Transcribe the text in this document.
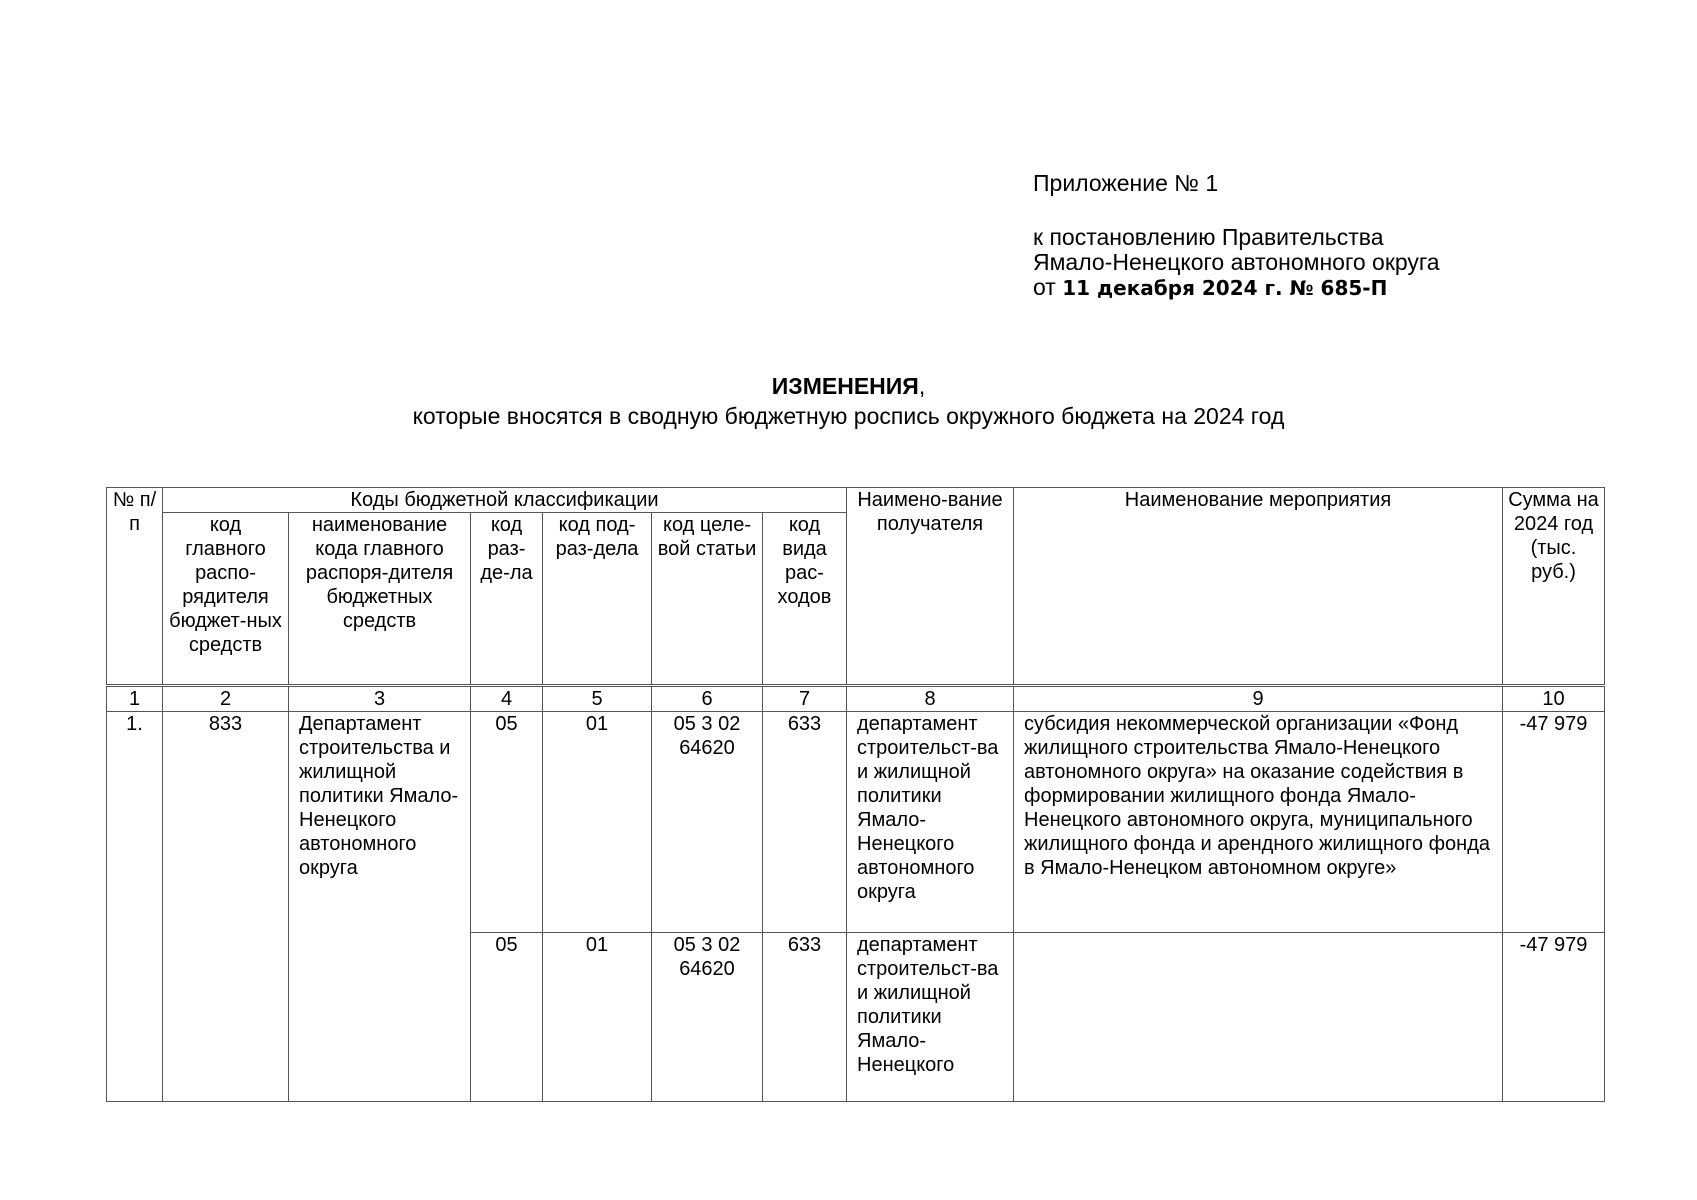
Приложение № 1
к постановлению Правительства
Ямало-Ненецкого автономного округа
от 11 декабря 2024 г. № 685-П
ИЗМЕНЕНИЯ,
которые вносятся в сводную бюджетную роспись окружного бюджета на 2024 год
№ п/п	Коды бюджетной классификации						Наимено-вание получателя	Наименование мероприятия	Сумма на 2024 год (тыс. руб.)
	код главного распо-рядителя бюджет-ных средств	наименование кода главного распоря-дителя бюджетных средств	код раз-де-ла	код под-раз-дела	код целе-вой статьи	код вида рас-ходов			
1	2	3	4	5	6	7	8	9	10
1.	833	Департамент строительства и жилищной политики Ямало-Ненецкого автономного округа	05	01	05 3 02 64620	633	департамент строительст-ва и жилищной политики Ямало-Ненецкого автономного округа	субсидия некоммерческой организации «Фонд жилищного строительства Ямало-Ненецкого автономного округа» на оказание содействия в формировании жилищного фонда Ямало-Ненецкого автономного округа, муниципального жилищного фонда и арендного жилищного фонда в Ямало-Ненецком автономном округе»	-47 979
			05	01	05 3 02 64620	633	департамент строительст-ва и жилищной политики Ямало-Ненецкого		-47 979
